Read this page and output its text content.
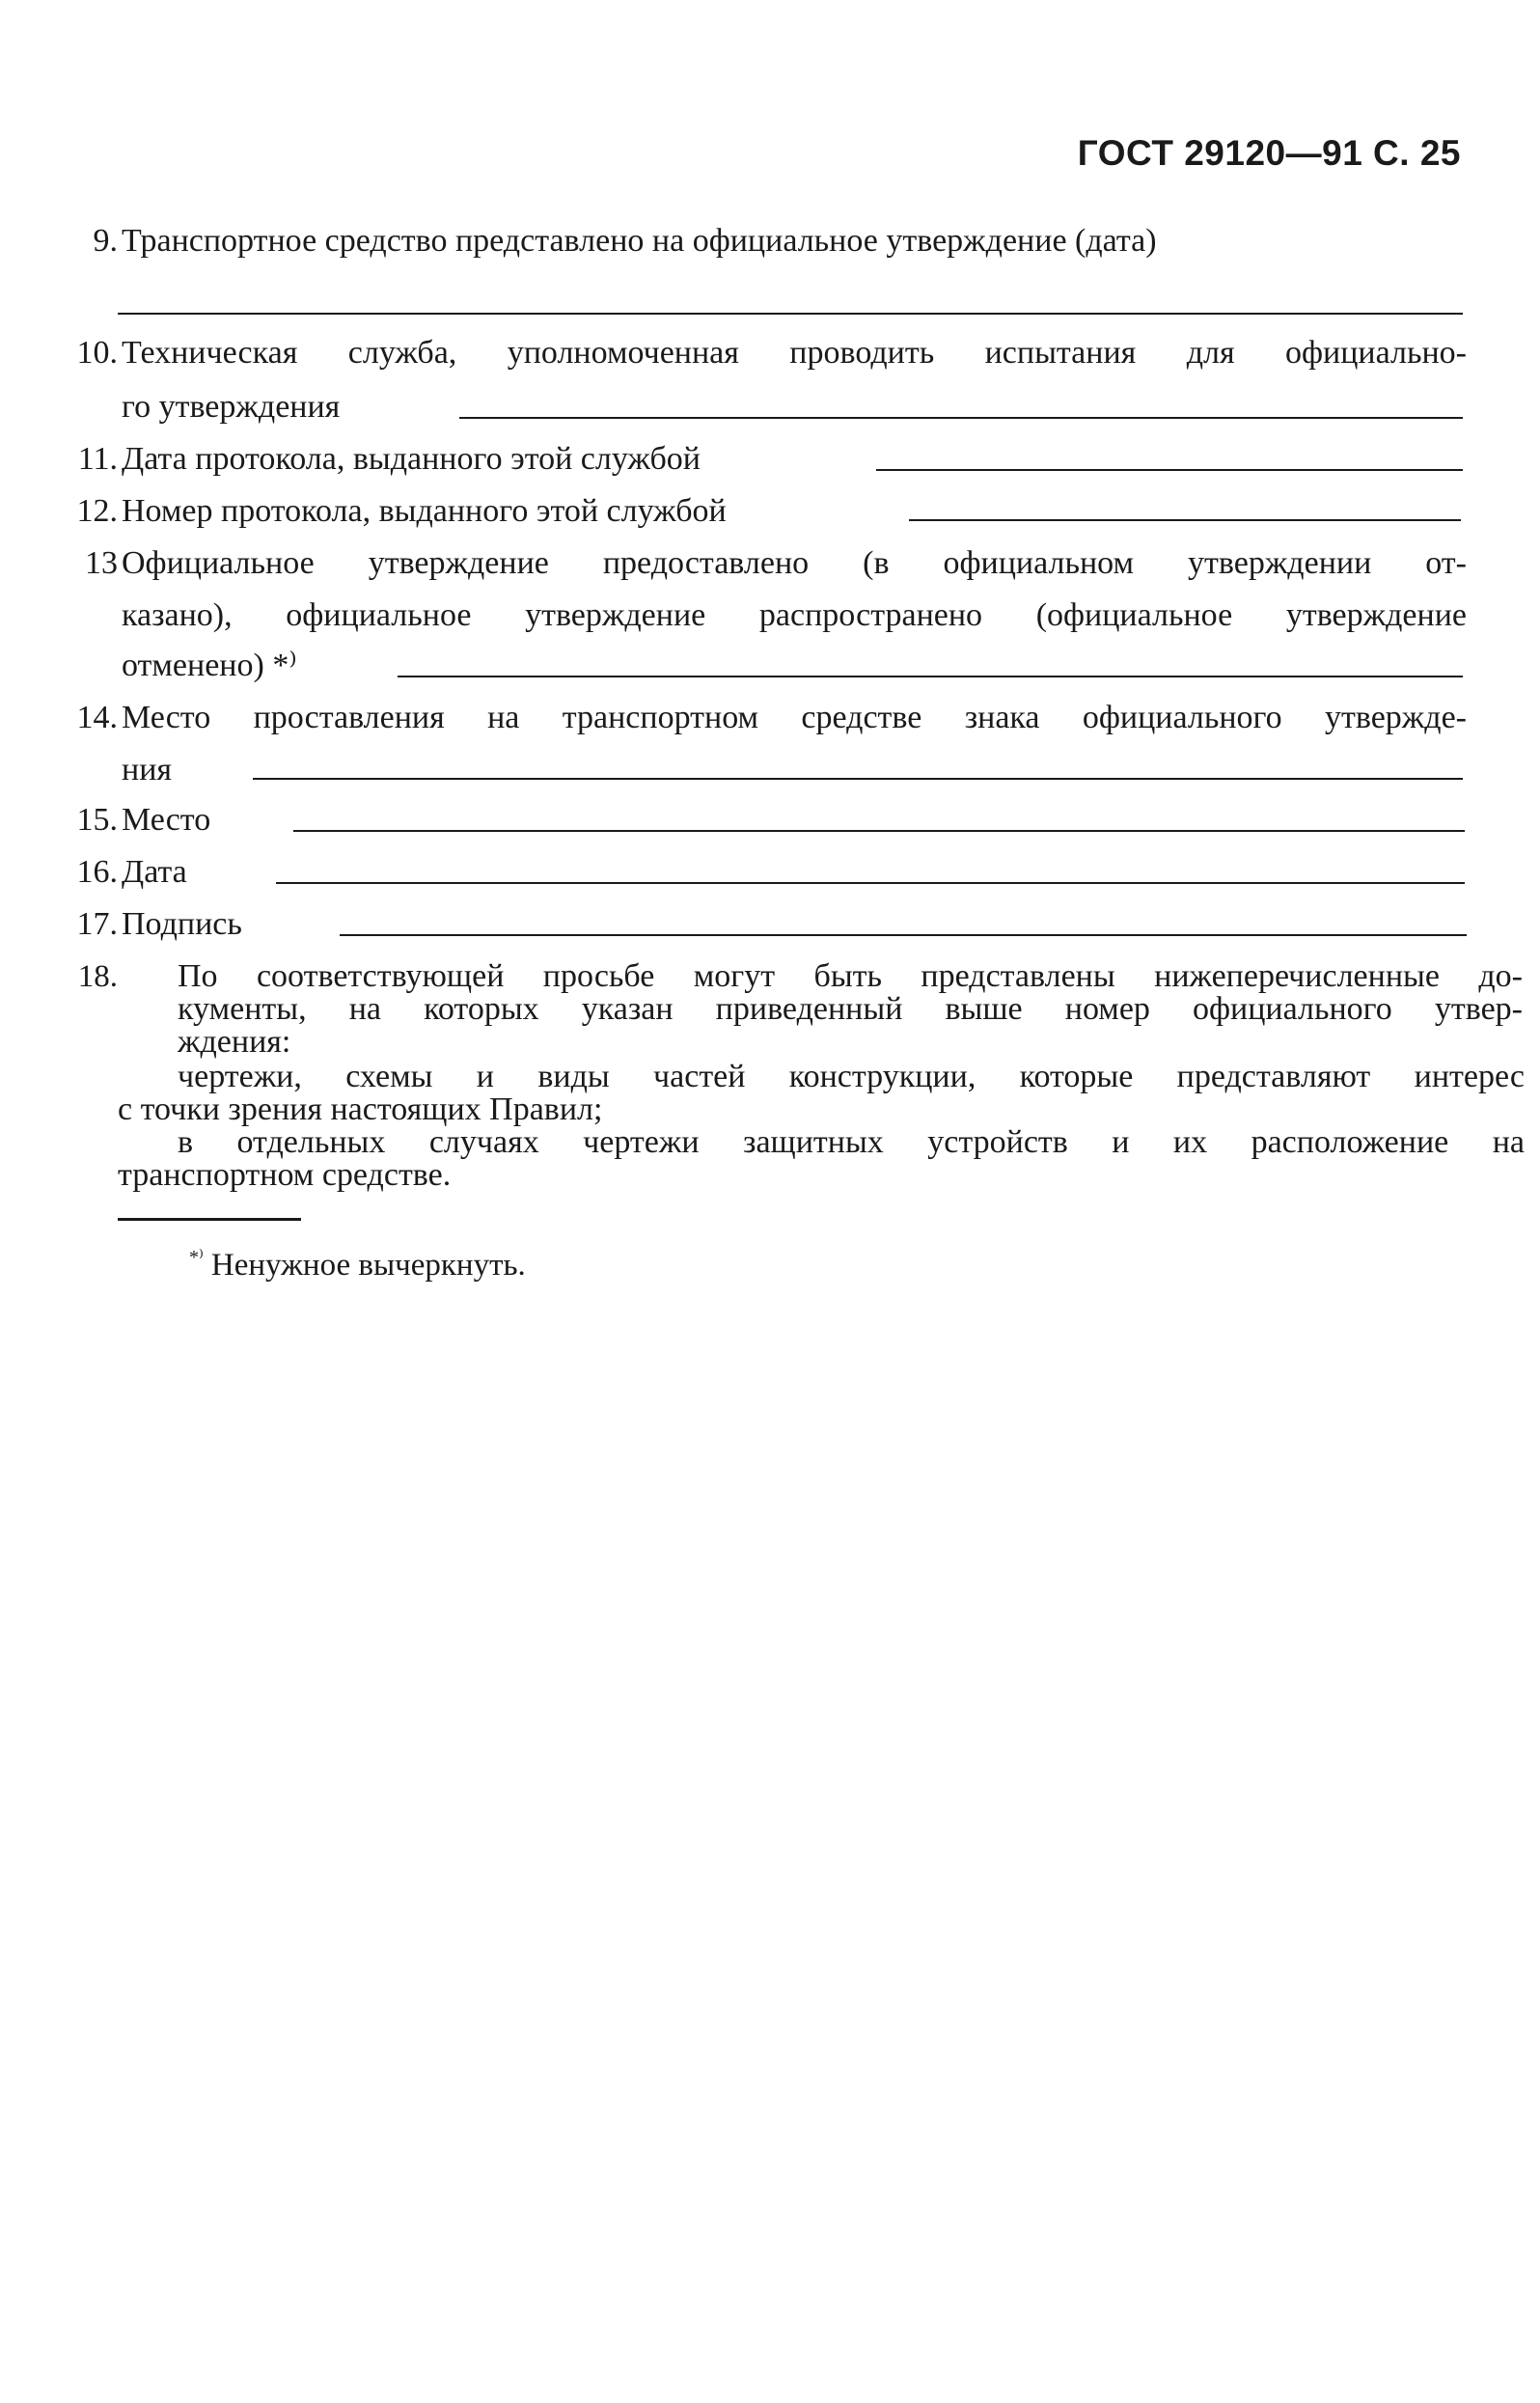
ГОСТ 29120—91 С. 25
9. Транспортное средство представлено на официальное утверждение (дата)
10. Техническая служба, уполномоченная проводить испытания для официально-
го утверждения
11. Дата протокола, выданного этой службой
12. Номер протокола, выданного этой службой
13 Официальное утверждение предоставлено (в официальном утверждении от-
казано), официальное утверждение распространено (официальное утверждение
отменено) *⁾
14. Место проставления на транспортном средстве знака официального утвержде-
ния
15. Место
16. Дата
17. Подпись
18. По соответствующей просьбе могут быть представлены нижеперечисленные до-
кументы, на которых указан приведенный выше номер официального утвер-
ждения:
чертежи, схемы и виды частей конструкции, которые представляют интерес
с точки зрения настоящих Правил;
в отдельных случаях чертежи защитных устройств и их расположение на
транспортном средстве.
*⁾ Ненужное вычеркнуть.
